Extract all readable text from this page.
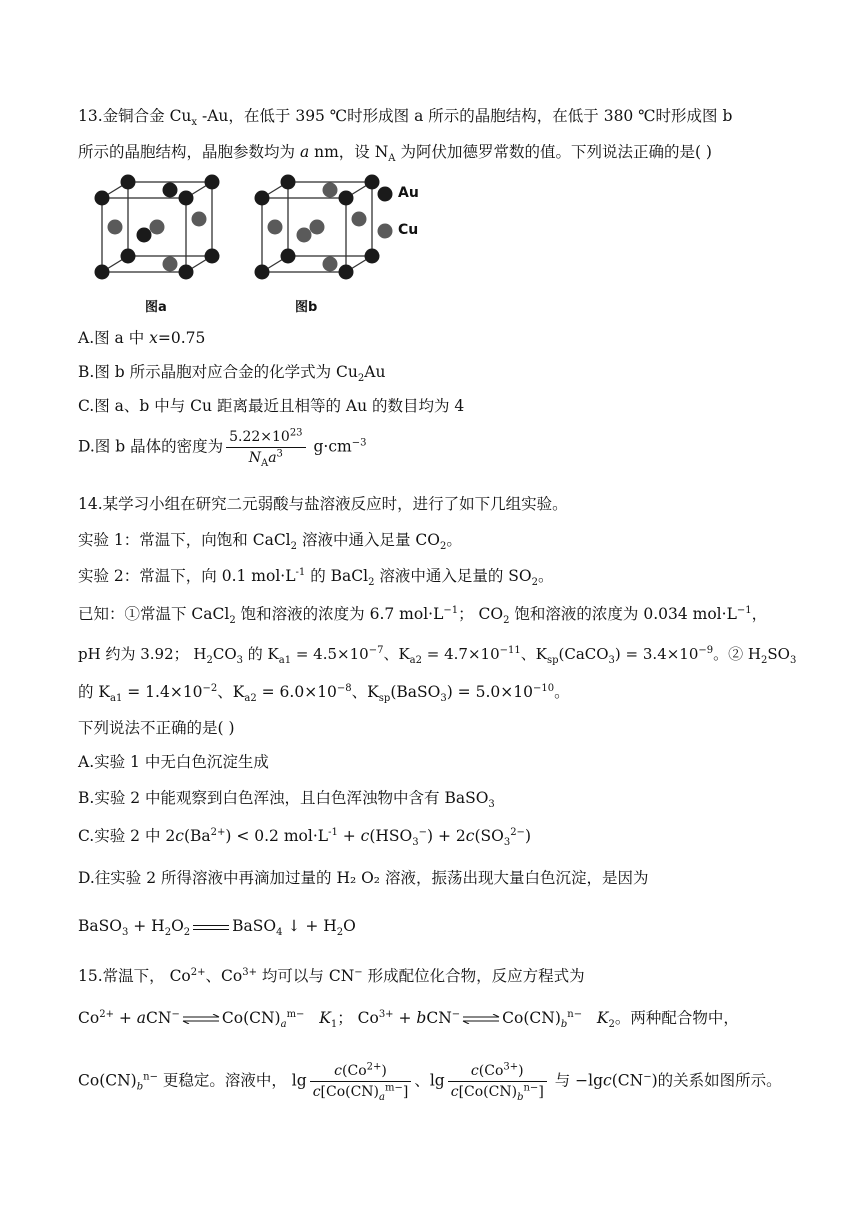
13.金铜合金 $Cu_x$ -Au，在低于 395 ℃时形成图 a 所示的晶胞结构，在低于 380 ℃时形成图 b
所示的晶胞结构，晶胞参数均为 a nm，设 $N_A$ 为阿伏加德罗常数的值。下列说法正确的是( )
图a	图b
Au
Cu
A.图 a 中 x=0.75
B.图 b 所示晶胞对应合金的化学式为 $Cu_2Au$
C.图 a、b 中与 Cu 距离最近且相等的 Au 的数目均为 4
D.图 b 晶体的密度为 $\frac{5.22\times 10^{23}}{N_Aa^3} g\cdot cm^{-3}$
14.某学习小组在研究二元弱酸与盐溶液反应时，进行了如下几组实验。
实验 1：常温下，向饱和 CaCl$_2$ 溶液中通入足量 $CO_2$。
实验 2：常温下，向 0.1 $mol\cdot L^{-1}$ 的 BaCl$_2$ 溶液中通入足量的 $SO_2$。
已知：①常温下 CaCl$_2$ 饱和溶液的浓度为 6.7 $mol\cdot L^{-1}$； $CO_2$ 饱和溶液的浓度为 0.034 $mol\cdot L^{-1}$，
pH 约为 3.92； $H_2CO_3$ 的 $K_{a1} = 4.5\times 10^{-7}$、$K_{a2} = 4.7\times 10^{-11}$、$K_{sp}(CaCO_3) = 3.4\times 10^{-9}$。② $H_2SO_3$
的 $K_{a1} = 1.4\times 10^{-2}$、$K_{a2} = 6.0\times 10^{-8}$、$K_{sp}(BaSO_3) = 5.0\times 10^{-10}$。
下列说法不正确的是( )
A.实验 1 中无白色沉淀生成
B.实验 2 中能观察到白色浑浊，且白色浑浊物中含有 BaSO$_3$
C.实验 2 中 $2c(Ba^{2+}) < 0.2$ $mol\cdot L^{-1} + c(HSO_3^-) + 2c(SO_3^{2-})$
D.往实验 2 所得溶液中再滴加过量的 H₂ O₂ 溶液，振荡出现大量白色沉淀，是因为
BaSO$_3$ + $H_2O_2$	BaSO$_4$ ↓ + $H_2O$
15.常温下， $Co^{2+}$、$Co^{3+}$ 均可以与 CN− 形成配位化合物，反应方程式为
$Co^{2+} + aCN^-$ ⇌ $Co(CN)_a^{m-}$ $K_1$； $Co^{3+} + bCN^-$ ⇌ $Co(CN)_b^{n-}$ $K_2$。两种配合物中，
$Co(CN)_b^{n-}$ 更稳定。溶液中， $\lg \frac{c(Co^{2+})}{c[Co(CN)_a^{m-}]}$ 、$\lg \frac{c(Co^{3+})}{c[Co(CN)_b^{n-}]}$ 与 −lgc(CN−)的关系如图所示。
